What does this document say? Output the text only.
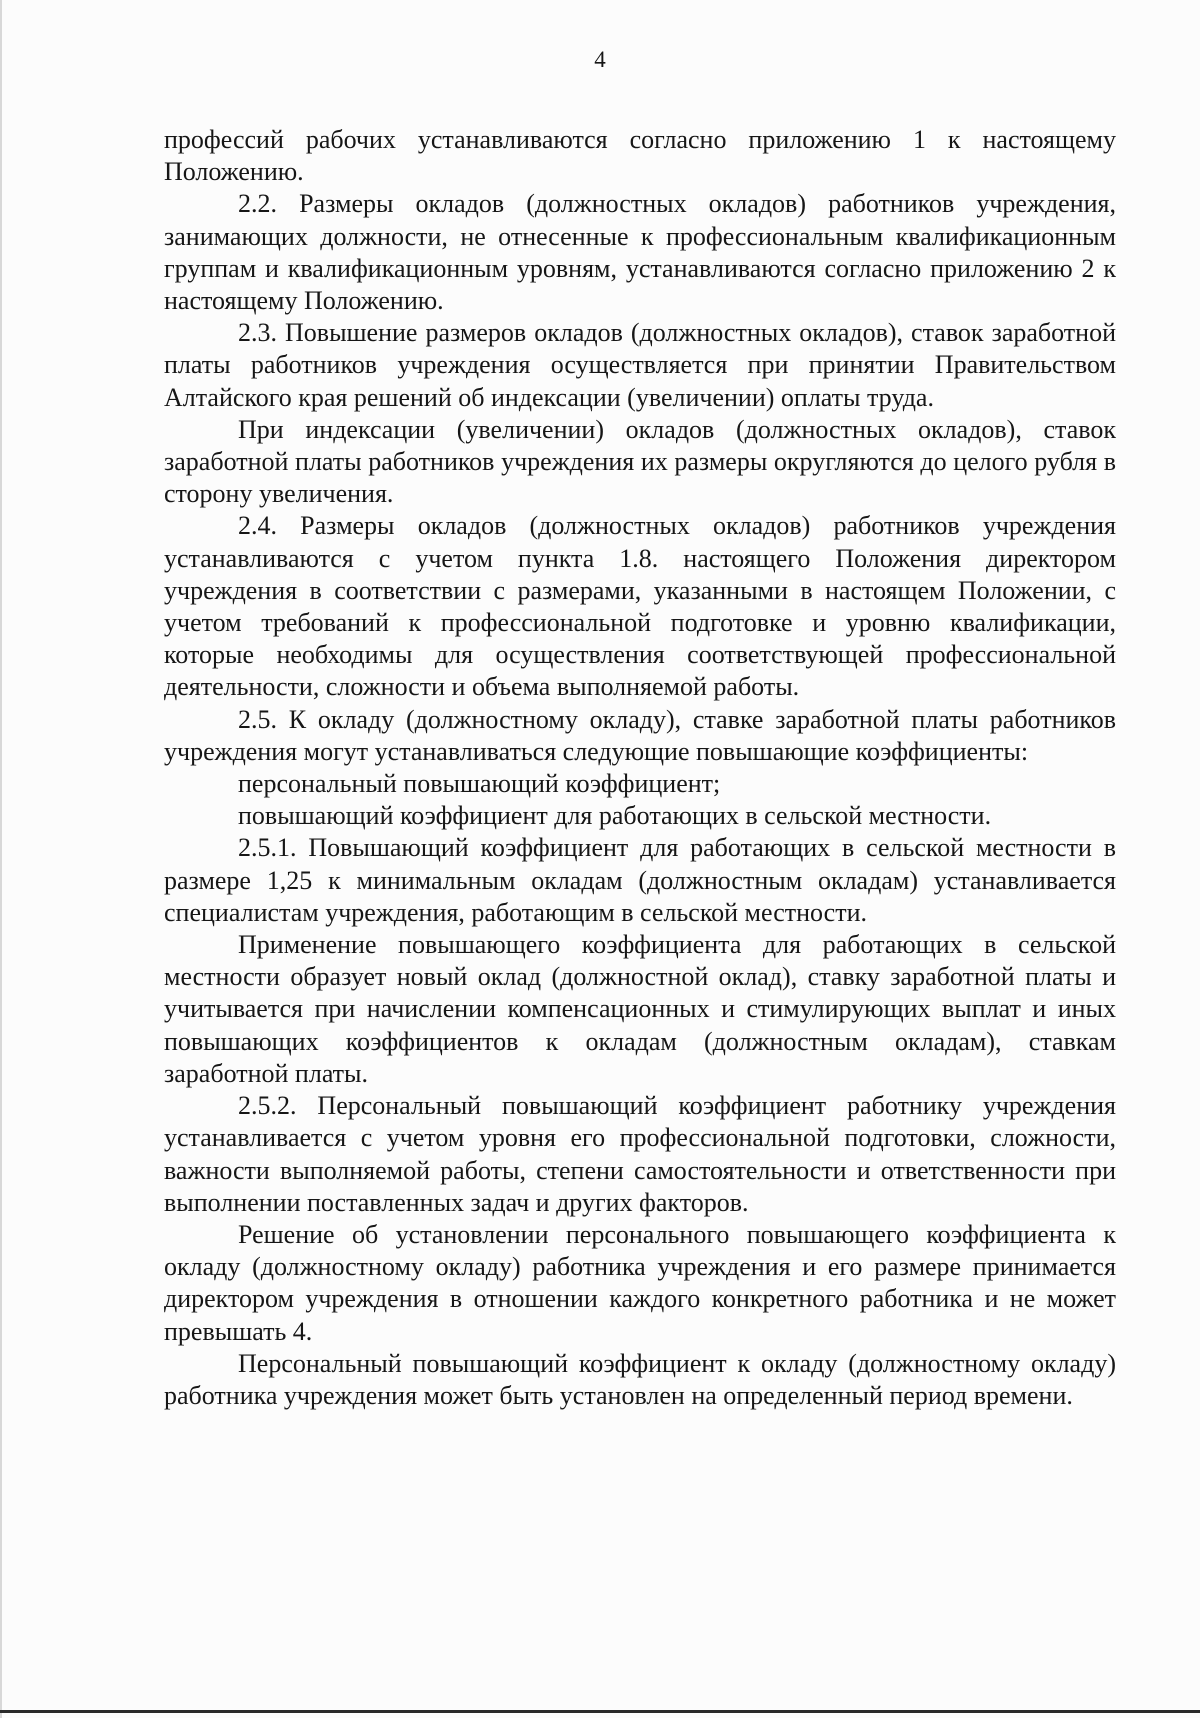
4

профессий рабочих устанавливаются согласно приложению 1 к настоящему Положению.

2.2. Размеры окладов (должностных окладов) работников учреждения, занимающих должности, не отнесенные к профессиональным квалификационным группам и квалификационным уровням, устанавливаются согласно приложению 2 к настоящему Положению.

2.3. Повышение размеров окладов (должностных окладов), ставок заработной платы работников учреждения осуществляется при принятии Правительством Алтайского края решений об индексации (увеличении) оплаты труда.

При индексации (увеличении) окладов (должностных окладов), ставок заработной платы работников учреждения их размеры округляются до целого рубля в сторону увеличения.

2.4. Размеры окладов (должностных окладов) работников учреждения устанавливаются с учетом пункта 1.8. настоящего Положения директором учреждения в соответствии с размерами, указанными в настоящем Положении, с учетом требований к профессиональной подготовке и уровню квалификации, которые необходимы для осуществления соответствующей профессиональной деятельности, сложности и объема выполняемой работы.

2.5. К окладу (должностному окладу), ставке заработной платы работников учреждения могут устанавливаться следующие повышающие коэффициенты:

персональный повышающий коэффициент;

повышающий коэффициент для работающих в сельской местности.

2.5.1. Повышающий коэффициент для работающих в сельской местности в размере 1,25 к минимальным окладам (должностным окладам) устанавливается специалистам учреждения, работающим в сельской местности.

Применение повышающего коэффициента для работающих в сельской местности образует новый оклад (должностной оклад), ставку заработной платы и учитывается при начислении компенсационных и стимулирующих выплат и иных повышающих коэффициентов к окладам (должностным окладам), ставкам заработной платы.

2.5.2. Персональный повышающий коэффициент работнику учреждения устанавливается с учетом уровня его профессиональной подготовки, сложности, важности выполняемой работы, степени самостоятельности и ответственности при выполнении поставленных задач и других факторов.

Решение об установлении персонального повышающего коэффициента к окладу (должностному окладу) работника учреждения и его размере принимается директором учреждения в отношении каждого конкретного работника и не может превышать 4.

Персональный повышающий коэффициент к окладу (должностному окладу) работника учреждения может быть установлен на определенный период времени.
